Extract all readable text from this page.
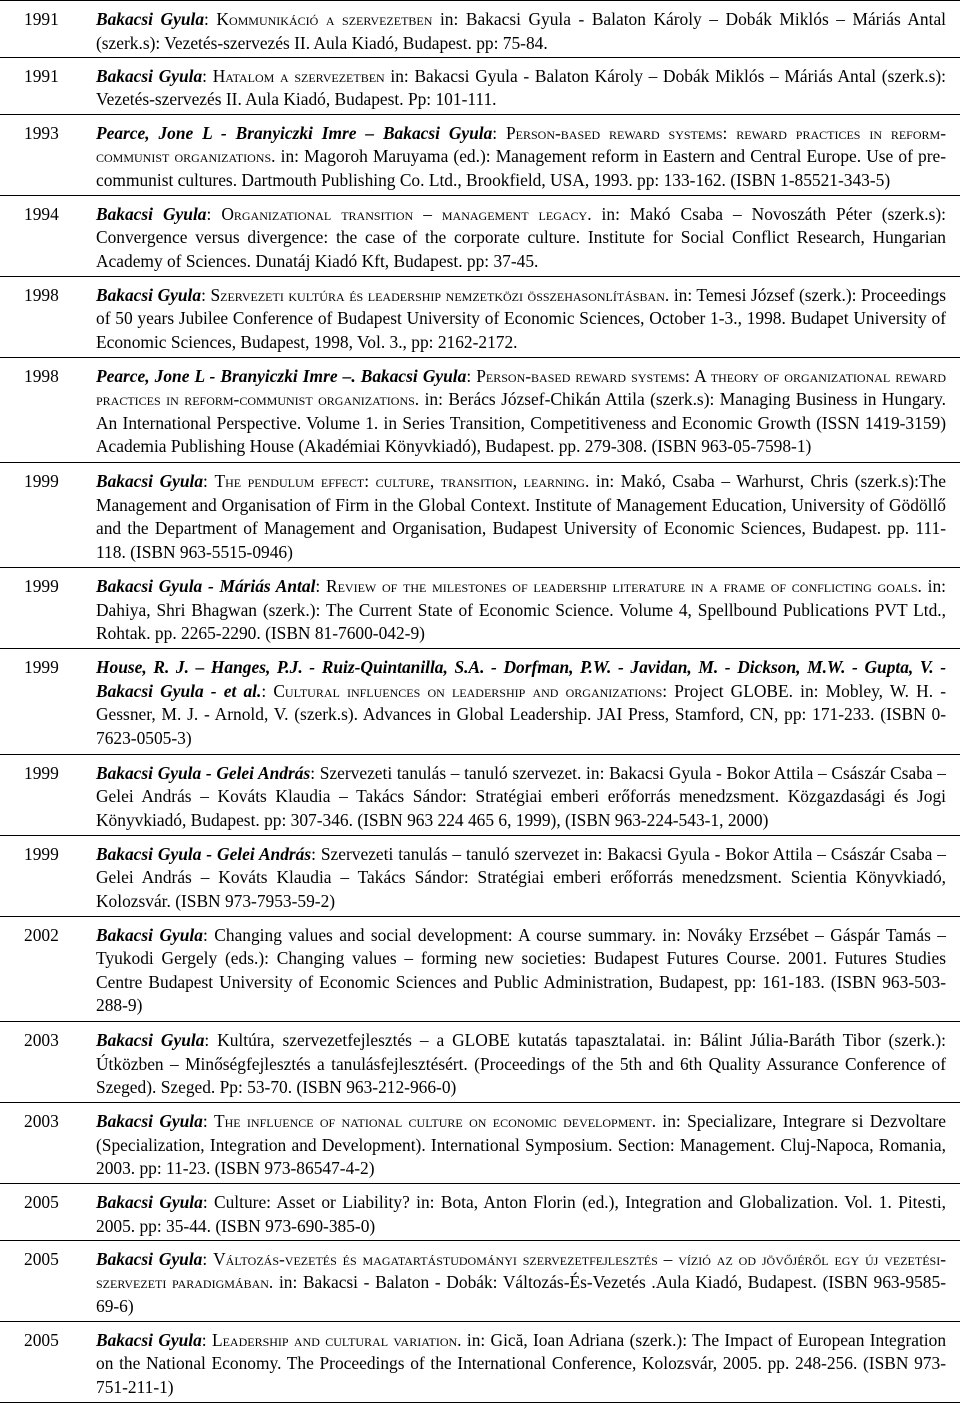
1991	Bakacsi Gyula: Kommunikáció a szervezetben in: Bakacsi Gyula - Balaton Károly – Dobák Miklós – Máriás Antal (szerk.s): Vezetés-szervezés II. Aula Kiadó, Budapest. pp: 75-84.
1991	Bakacsi Gyula: Hatalom a szervezetben in: Bakacsi Gyula - Balaton Károly – Dobák Miklós – Máriás Antal (szerk.s): Vezetés-szervezés II. Aula Kiadó, Budapest. Pp: 101-111.
1993	Pearce, Jone L - Branyiczki Imre – Bakacsi Gyula: Person-based reward systems: reward practices in reform-communist organizations. in: Magoroh Maruyama (ed.): Management reform in Eastern and Central Europe. Use of pre-communist cultures. Dartmouth Publishing Co. Ltd., Brookfield, USA, 1993. pp: 133-162. (ISBN 1-85521-343-5)
1994	Bakacsi Gyula: Organizational transition – management legacy. in: Makó Csaba – Novoszáth Péter (szerk.s): Convergence versus divergence: the case of the corporate culture. Institute for Social Conflict Research, Hungarian Academy of Sciences. Dunatáj Kiadó Kft, Budapest. pp: 37-45.
1998	Bakacsi Gyula: Szervezeti kultúra és leadership nemzetközi összehasonlításban. in: Temesi József (szerk.): Proceedings of 50 years Jubilee Conference of Budapest University of Economic Sciences, October 1-3., 1998. Budapet University of Economic Sciences, Budapest, 1998, Vol. 3., pp: 2162-2172.
1998	Pearce, Jone L - Branyiczki Imre –. Bakacsi Gyula: Person-based reward systems: A theory of organizational reward practices in reform-communist organizations. in: Berács József-Chikán Attila (szerk.s): Managing Business in Hungary. An International Perspective. Volume 1. in Series Transition, Competitiveness and Economic Growth (ISSN 1419-3159) Academia Publishing House (Akadémiai Könyvkiadó), Budapest. pp. 279-308. (ISBN 963-05-7598-1)
1999	Bakacsi Gyula: The pendulum effect: culture, transition, learning. in: Makó, Csaba – Warhurst, Chris (szerk.s):The Management and Organisation of Firm in the Global Context. Institute of Management Education, University of Gödöllő and the Department of Management and Organisation, Budapest University of Economic Sciences, Budapest. pp. 111-118. (ISBN 963-5515-0946)
1999	Bakacsi Gyula - Máriás Antal: Review of the milestones of leadership literature in a frame of conflicting goals. in: Dahiya, Shri Bhagwan (szerk.): The Current State of Economic Science. Volume 4, Spellbound Publications PVT Ltd., Rohtak. pp. 2265-2290. (ISBN 81-7600-042-9)
1999	House, R. J. – Hanges, P.J. - Ruiz-Quintanilla, S.A. - Dorfman, P.W. - Javidan, M. - Dickson, M.W. - Gupta, V. - Bakacsi Gyula - et al.: Cultural influences on leadership and organizations: Project GLOBE. in: Mobley, W. H. - Gessner, M. J. - Arnold, V. (szerk.s). Advances in Global Leadership. JAI Press, Stamford, CN, pp: 171-233. (ISBN 0-7623-0505-3)
1999	Bakacsi Gyula - Gelei András: Szervezeti tanulás – tanuló szervezet. in: Bakacsi Gyula - Bokor Attila – Császár Csaba – Gelei András – Kováts Klaudia – Takács Sándor: Stratégiai emberi erőforrás menedzsment. Közgazdasági és Jogi Könyvkiadó, Budapest. pp: 307-346. (ISBN 963 224 465 6, 1999), (ISBN 963-224-543-1, 2000)
1999	Bakacsi Gyula - Gelei András: Szervezeti tanulás – tanuló szervezet in: Bakacsi Gyula - Bokor Attila – Császár Csaba – Gelei András – Kováts Klaudia – Takács Sándor: Stratégiai emberi erőforrás menedzsment. Scientia Könyvkiadó, Kolozsvár. (ISBN 973-7953-59-2)
2002	Bakacsi Gyula: Changing values and social development: A course summary. in: Nováky Erzsébet – Gáspár Tamás – Tyukodi Gergely (eds.): Changing values – forming new societies: Budapest Futures Course. 2001. Futures Studies Centre Budapest University of Economic Sciences and Public Administration, Budapest, pp: 161-183. (ISBN 963-503-288-9)
2003	Bakacsi Gyula: Kultúra, szervezetfejlesztés – a GLOBE kutatás tapasztalatai. in: Bálint Júlia-Baráth Tibor (szerk.): Útközben – Minőségfejlesztés a tanulásfejlesztésért. (Proceedings of the 5th and 6th Quality Assurance Conference of Szeged). Szeged. Pp: 53-70. (ISBN 963-212-966-0)
2003	Bakacsi Gyula: The influence of national culture on economic development. in: Specializare, Integrare si Dezvoltare (Specialization, Integration and Development). International Symposium. Section: Management. Cluj-Napoca, Romania, 2003. pp: 11-23. (ISBN 973-86547-4-2)
2005	Bakacsi Gyula: Culture: Asset or Liability? in: Bota, Anton Florin (ed.), Integration and Globalization. Vol. 1. Pitesti, 2005. pp: 35-44. (ISBN 973-690-385-0)
2005	Bakacsi Gyula: Változás-vezetés és magatartástudományi szervezetfejlesztés – vízió az od jövőjéről egy új vezetési-szervezeti paradigmában. in: Bakacsi - Balaton - Dobák: Változás-És-Vezetés .Aula Kiadó, Budapest. (ISBN 963-9585-69-6)
2005	Bakacsi Gyula: Leadership and cultural variation. in: Gică, Ioan Adriana (szerk.): The Impact of European Integration on the National Economy. The Proceedings of the International Conference, Kolozsvár, 2005. pp. 248-256. (ISBN 973-751-211-1)
